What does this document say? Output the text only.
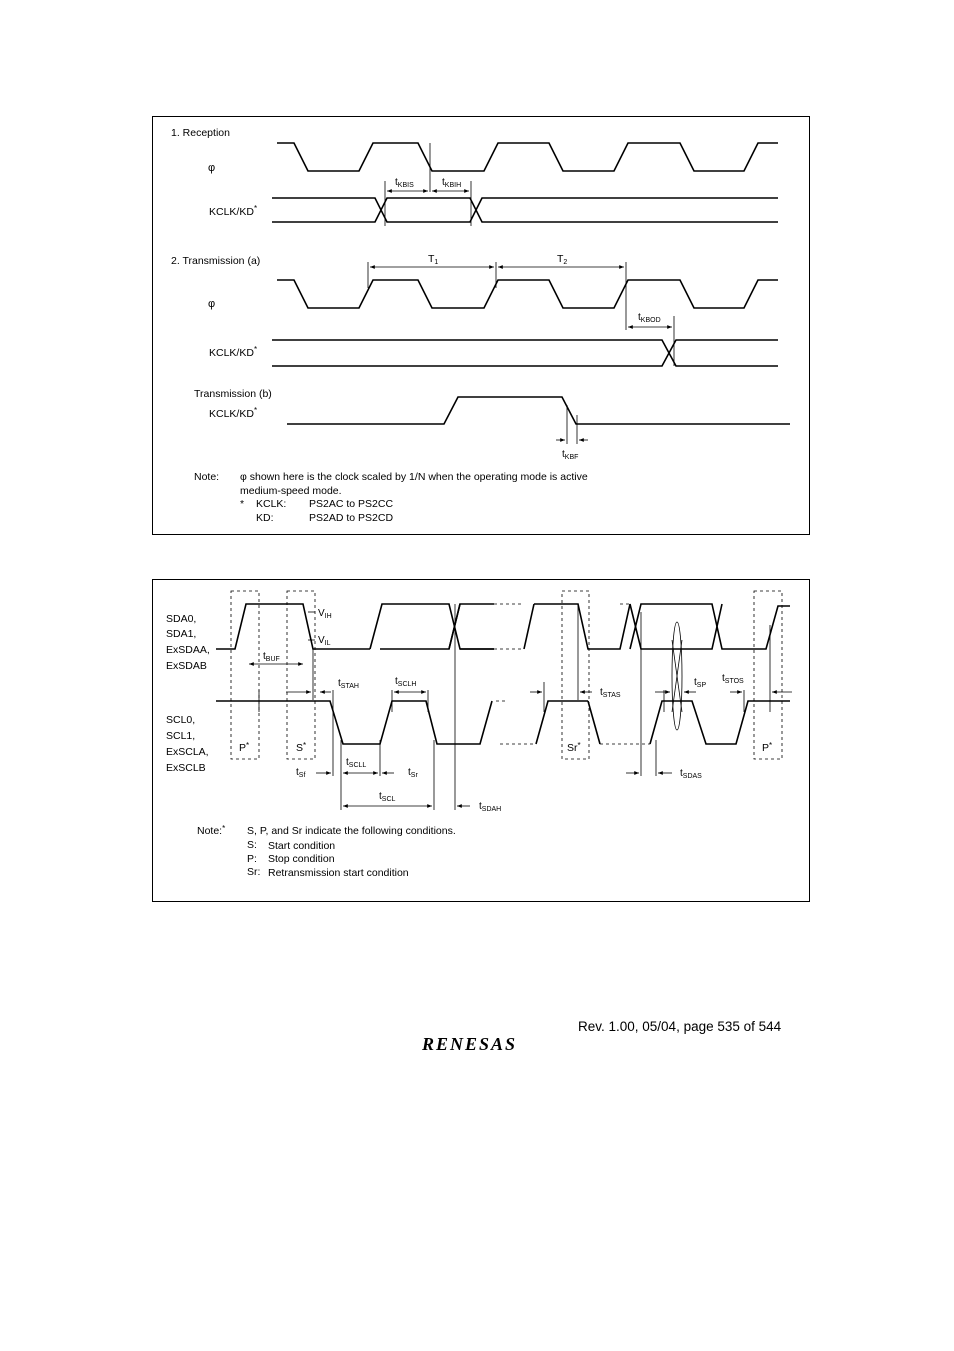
1. Reception
φ
$t_{KBIS}$	$t_{KBIH}$
KCLK/KD*
2. Transmission (a)	T1	T2
φ
$t_{KBOD}$
KCLK/KD*
Transmission (b)
KCLK/KD*
$t_{KBF}$
Note: φ shown here is the clock scaled by 1/N when the operating mode is active
medium-speed mode.
* KCLK: PS2AC to PS2CC
KD:	PS2AD to PS2CD
SDA0,
SDA1,
ExSDAA,
ExSDAB
SCL0,
SCL1,
ExSCLA,
ExSCLB
P*	S*	Sr*	P*
$V_{IH}$
$V_{IL}$
$t_{BUF}$
$t_{STAH}$	$t_{SCLH}$
$t_{STAS}$
$t_{SP}$
$t_{STOS}$
$t_{Sf}$
$t_{SCLL}$
$t_{Sr}$
$t_{SCL}$
$t_{SDAH}$
$t_{SDAS}$
Note:* S, P, and Sr indicate the following conditions.
S: Start condition
P: Stop condition
Sr: Retransmission start condition
Rev. 1.00, 05/04, page 535 of 544
RENESAS
